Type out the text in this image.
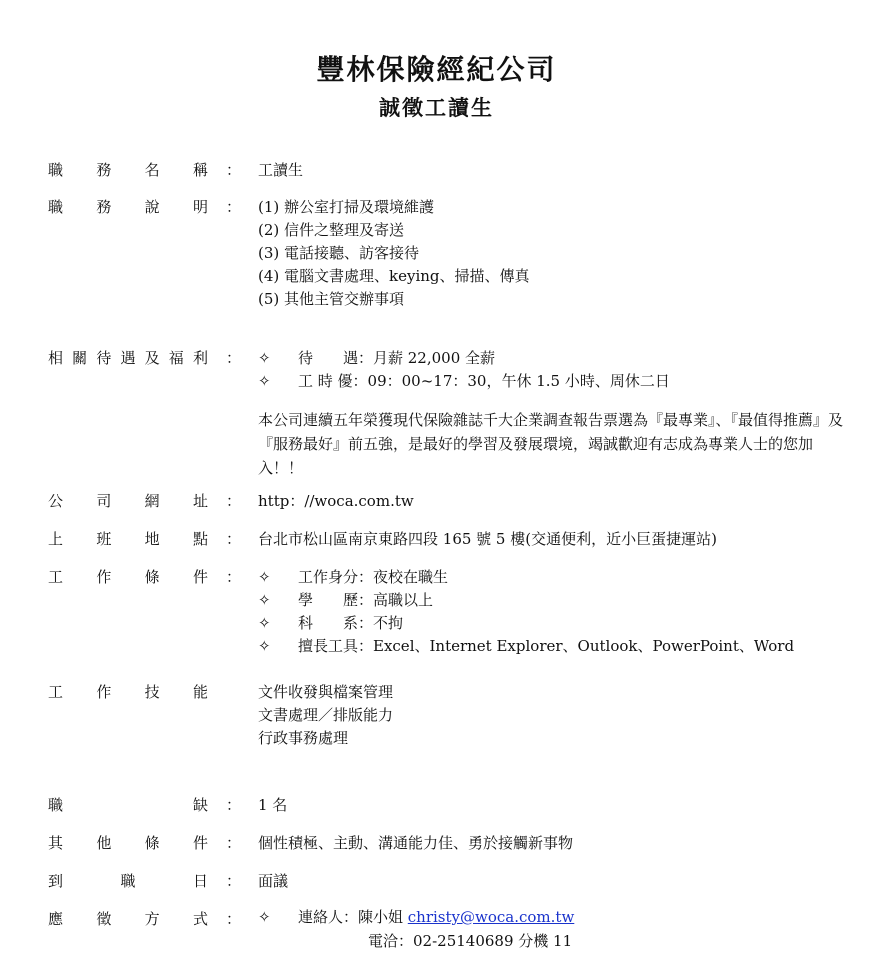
豐林保險經紀公司
誠徵工讀生
職 務 名 稱 ： 工讀生
職 務 說 明 ： (1) 辦公室打掃及環境維護
(2) 信件之整理及寄送
(3) 電話接聽、訪客接待
(4) 電腦文書處理、keying、掃描、傳真
(5) 其他主管交辦事項
相 關 待 遇 及 福 利 ： ✧ 待　　遇：月薪 22,000 全薪
✧ 工 時 優：09：00~17：30，午休 1.5 小時、周休二日
本公司連續五年榮獲現代保險雜誌千大企業調查報告票選為『最專業』、『最值得推薦』及『服務最好』前五強，是最好的學習及發展環境，竭誠歡迎有志成為專業人士的您加入！！
公 司 網 址 ： http：//woca.com.tw
上 班 地 點 ： 台北市松山區南京東路四段 165 號 5 樓(交通便利，近小巨蛋捷運站)
工 作 條 件 ： ✧ 工作身分：夜校在職生
✧ 學　　歷：高職以上
✧ 科　　系：不拘
✧ 擅長工具：Excel、Internet Explorer、Outlook、PowerPoint、Word
工 作 技 能	文件收發與檔案管理
文書處理／排版能力
行政事務處理
職	缺 ： 1 名
其 他 條 件 ： 個性積極、主動、溝通能力佳、勇於接觸新事物
到	職	日 ： 面議
應 徵 方 式 ： ✧ 連絡人：陳小姐 christy@woca.com.tw
電洽：02-25140689 分機 11
